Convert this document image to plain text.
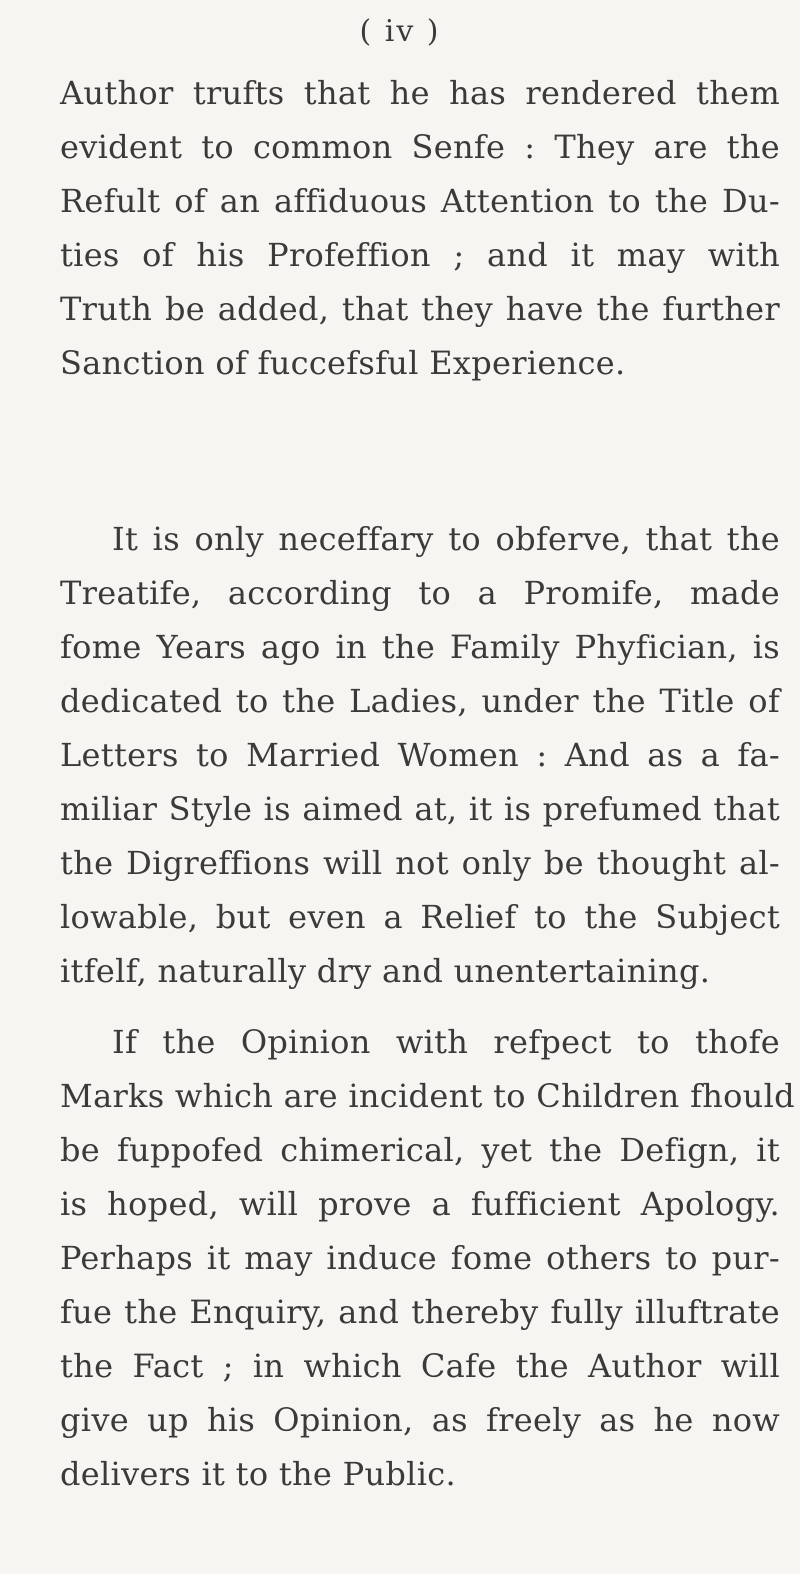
( iv )
Author trufts that he has rendered them
evident to common Senfe : They are the
Refult of an affiduous Attention to the Du-
ties of his Profeffion ; and it may with
Truth be added, that they have the further
Sanction of fuccefsful Experience.
It is only neceffary to obferve, that the
Treatife, according to a Promife, made
fome Years ago in the Family Phyfician, is
dedicated to the Ladies, under the Title of
Letters to Married Women : And as a fa-
miliar Style is aimed at, it is prefumed that
the Digreffions will not only be thought al-
lowable, but even a Relief to the Subject
itfelf, naturally dry and unentertaining.
If the Opinion with refpect to thofe
Marks which are incident to Children fhould
be fuppofed chimerical, yet the Defign, it
is hoped, will prove a fufficient Apology.
Perhaps it may induce fome others to pur-
fue the Enquiry, and thereby fully illuftrate
the Fact ; in which Cafe the Author will
give up his Opinion, as freely as he now
delivers it to the Public.
